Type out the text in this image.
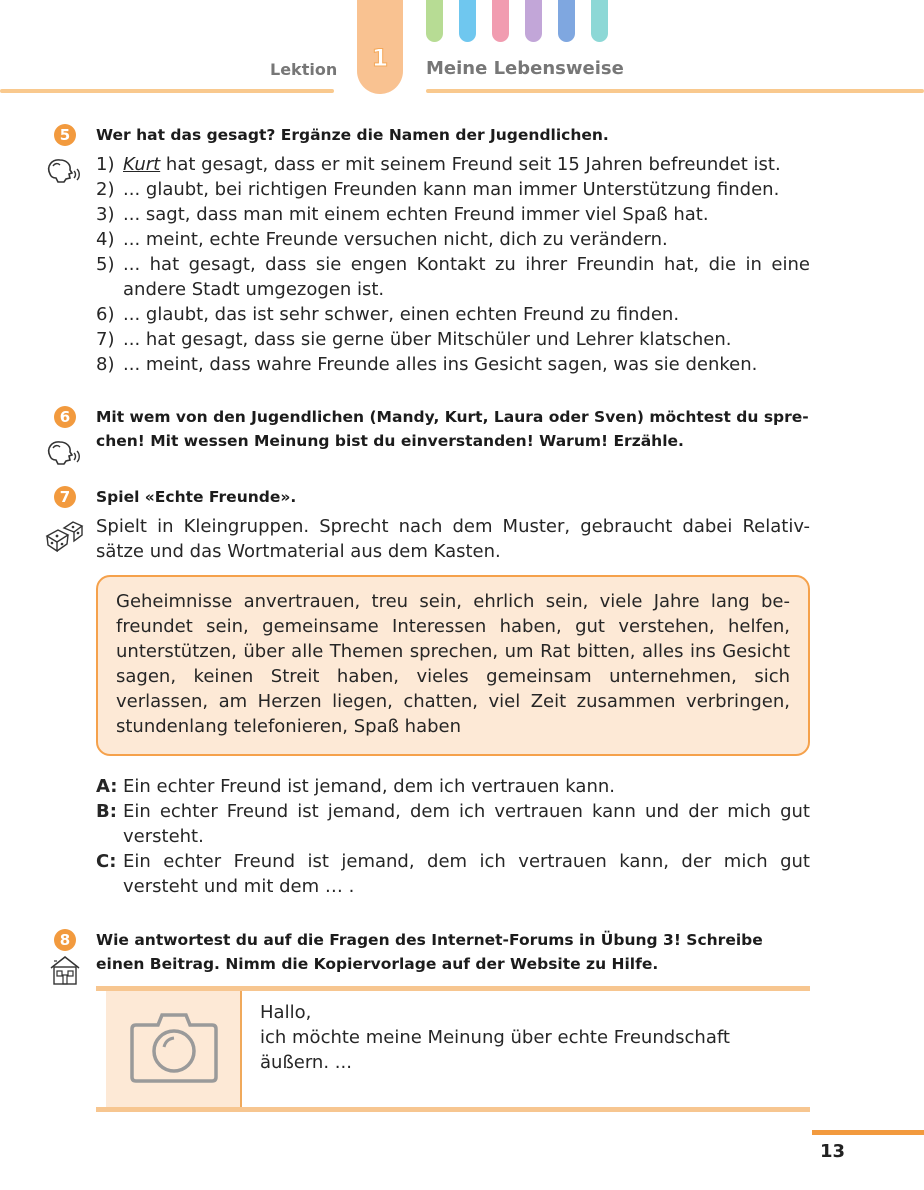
1
Lektion	Meine Lebensweise
5	Wer hat das gesagt? Ergänze die Namen der Jugendlichen.
1) Kurt hat gesagt, dass er mit seinem Freund seit 15 Jahren befreundet ist.
2) ... glaubt, bei richtigen Freunden kann man immer Unterstützung finden.
3) ... sagt, dass man mit einem echten Freund immer viel Spaß hat.
4) ... meint, echte Freunde versuchen nicht, dich zu verändern.
5) ... hat gesagt, dass sie engen Kontakt zu ihrer Freundin hat, die in eine andere Stadt umgezogen ist.
6) ... glaubt, das ist sehr schwer, einen echten Freund zu finden.
7) ... hat gesagt, dass sie gerne über Mitschüler und Lehrer klatschen.
8) ... meint, dass wahre Freunde alles ins Gesicht sagen, was sie denken.
6	Mit wem von den Jugendlichen (Mandy, Kurt, Laura oder Sven) möchtest du spre-chen! Mit wessen Meinung bist du einverstanden! Warum! Erzähle.
7	Spiel «Echte Freunde».
Spielt in Kleingruppen. Sprecht nach dem Muster, gebraucht dabei Relativ-sätze und das Wortmaterial aus dem Kasten.
Geheimnisse anvertrauen, treu sein, ehrlich sein, viele Jahre lang be-freundet sein, gemeinsame Interessen haben, gut verstehen, helfen, unterstützen, über alle Themen sprechen, um Rat bitten, alles ins Gesicht sagen, keinen Streit haben, vieles gemeinsam unternehmen, sich verlassen, am Herzen liegen, chatten, viel Zeit zusammen verbringen, stundenlang telefonieren, Spaß haben
A: Ein echter Freund ist jemand, dem ich vertrauen kann.
B: Ein echter Freund ist jemand, dem ich vertrauen kann und der mich gut versteht.
C: Ein echter Freund ist jemand, dem ich vertrauen kann, der mich gut versteht und mit dem … .
8	Wie antwortest du auf die Fragen des Internet-Forums in Übung 3! Schreibe einen Beitrag. Nimm die Kopiervorlage auf der Website zu Hilfe.
Hallo,
ich möchte meine Meinung über echte Freundschaft
äußern. ...
13
